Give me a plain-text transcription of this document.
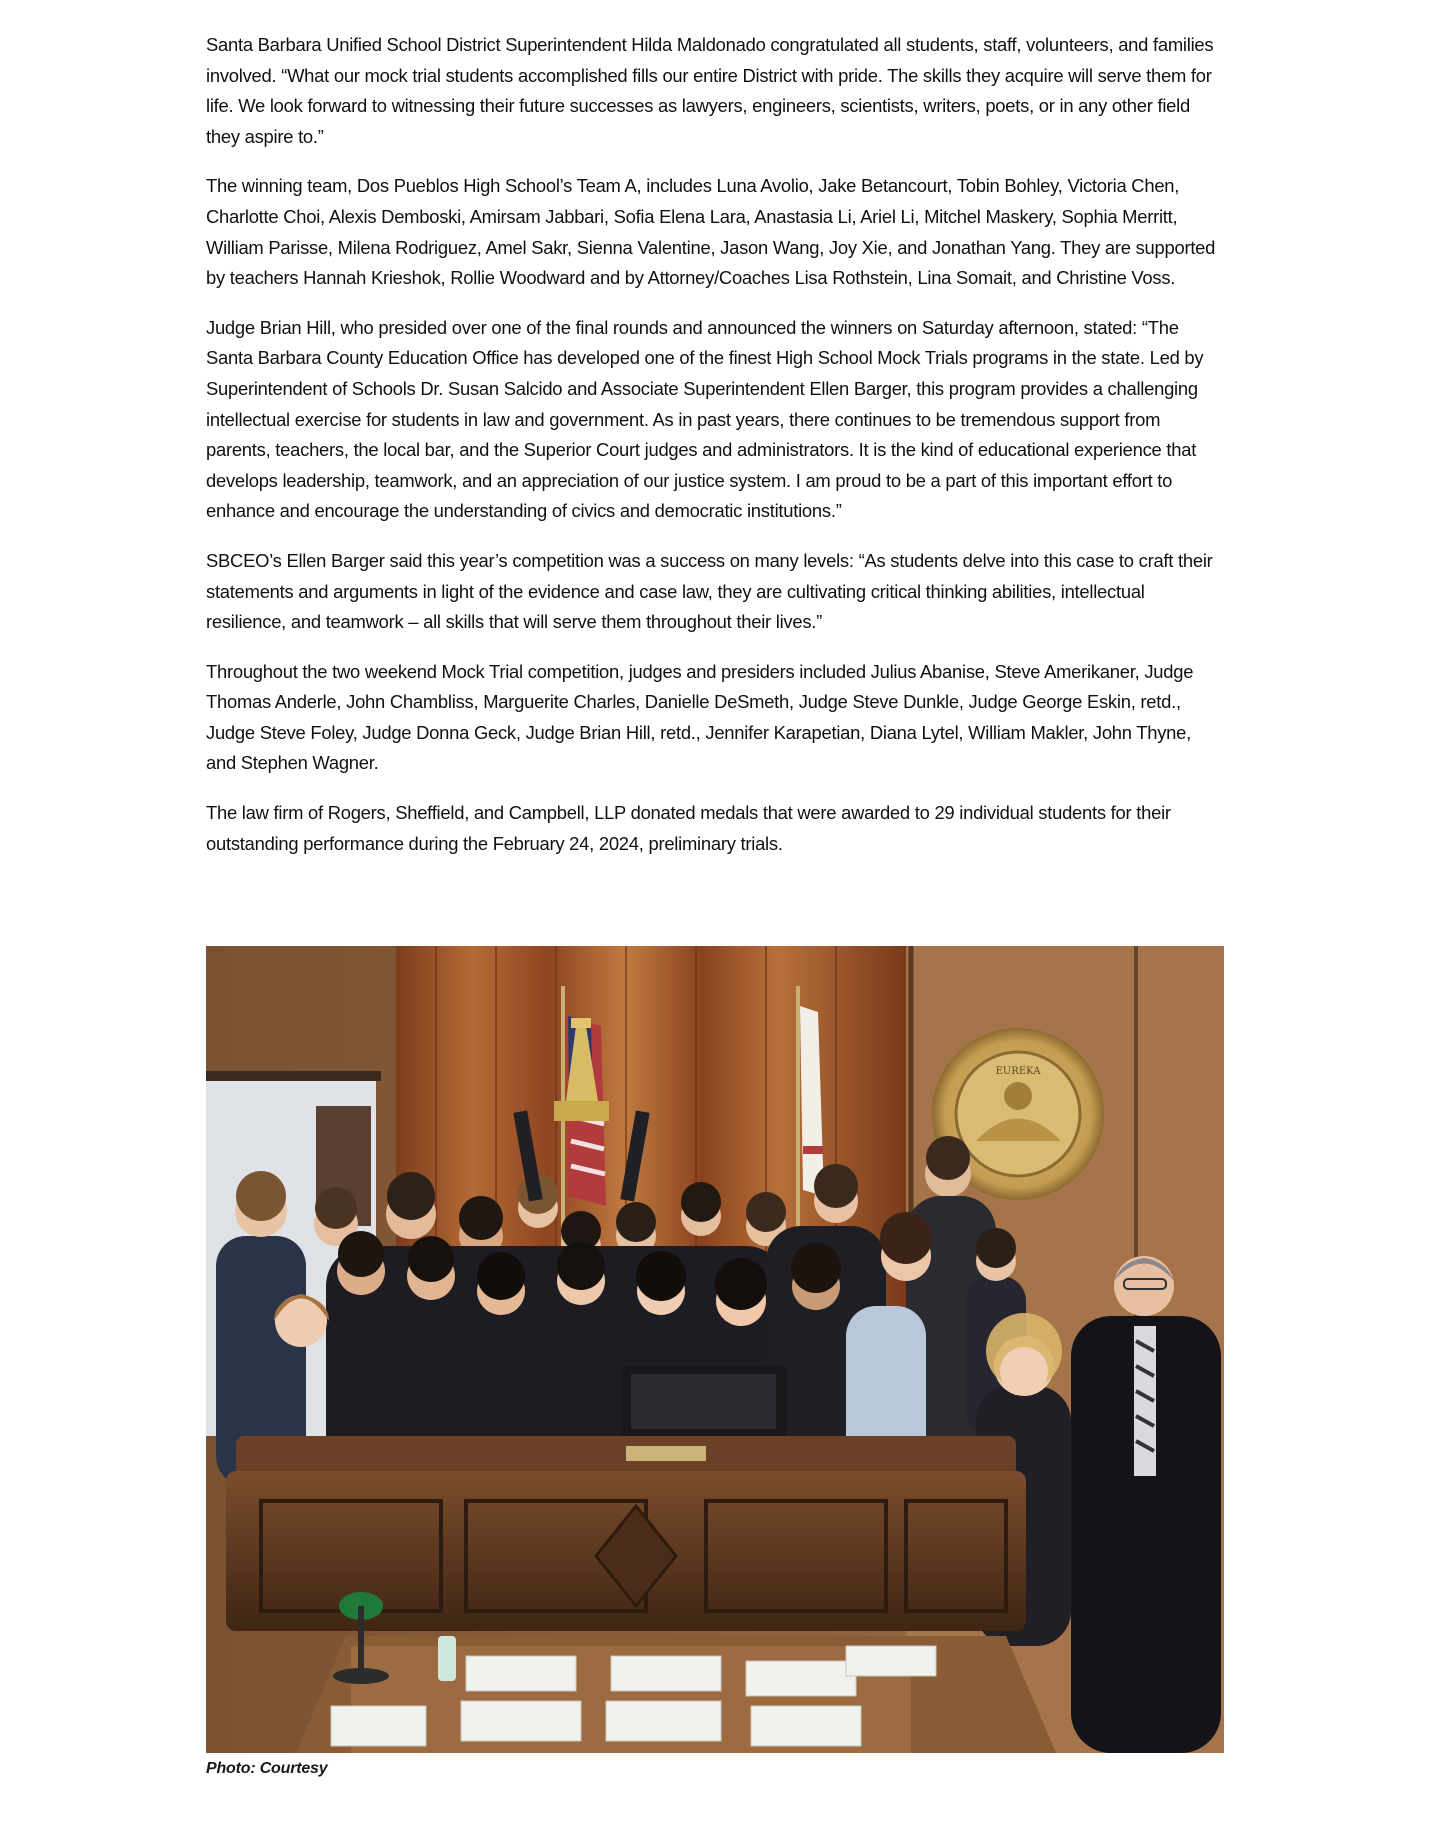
Santa Barbara Unified School District Superintendent Hilda Maldonado congratulated all students, staff, volunteers, and families involved. “What our mock trial students accomplished fills our entire District with pride. The skills they acquire will serve them for life. We look forward to witnessing their future successes as lawyers, engineers, scientists, writers, poets, or in any other field they aspire to.”

The winning team, Dos Pueblos High School’s Team A, includes Luna Avolio, Jake Betancourt, Tobin Bohley, Victoria Chen, Charlotte Choi, Alexis Demboski, Amirsam Jabbari, Sofia Elena Lara, Anastasia Li, Ariel Li, Mitchel Maskery, Sophia Merritt, William Parisse, Milena Rodriguez, Amel Sakr, Sienna Valentine, Jason Wang, Joy Xie, and Jonathan Yang. They are supported by teachers Hannah Krieshok, Rollie Woodward and by Attorney/Coaches Lisa Rothstein, Lina Somait, and Christine Voss.

Judge Brian Hill, who presided over one of the final rounds and announced the winners on Saturday afternoon, stated: “The Santa Barbara County Education Office has developed one of the finest High School Mock Trials programs in the state. Led by Superintendent of Schools Dr. Susan Salcido and Associate Superintendent Ellen Barger, this program provides a challenging intellectual exercise for students in law and government. As in past years, there continues to be tremendous support from parents, teachers, the local bar, and the Superior Court judges and administrators. It is the kind of educational experience that develops leadership, teamwork, and an appreciation of our justice system. I am proud to be a part of this important effort to enhance and encourage the understanding of civics and democratic institutions.”

SBCEO’s Ellen Barger said this year’s competition was a success on many levels: “As students delve into this case to craft their statements and arguments in light of the evidence and case law, they are cultivating critical thinking abilities, intellectual resilience, and teamwork – all skills that will serve them throughout their lives.”

Throughout the two weekend Mock Trial competition, judges and presiders included Julius Abanise, Steve Amerikaner, Judge Thomas Anderle, John Chambliss, Marguerite Charles, Danielle DeSmeth, Judge Steve Dunkle, Judge George Eskin, retd., Judge Steve Foley, Judge Donna Geck, Judge Brian Hill, retd., Jennifer Karapetian, Diana Lytel, William Makler, John Thyne, and Stephen Wagner.

The law firm of Rogers, Sheffield, and Campbell, LLP donated medals that were awarded to 29 individual students for their outstanding performance during the February 24, 2024, preliminary trials.

EUREKA
Photo: Courtesy
